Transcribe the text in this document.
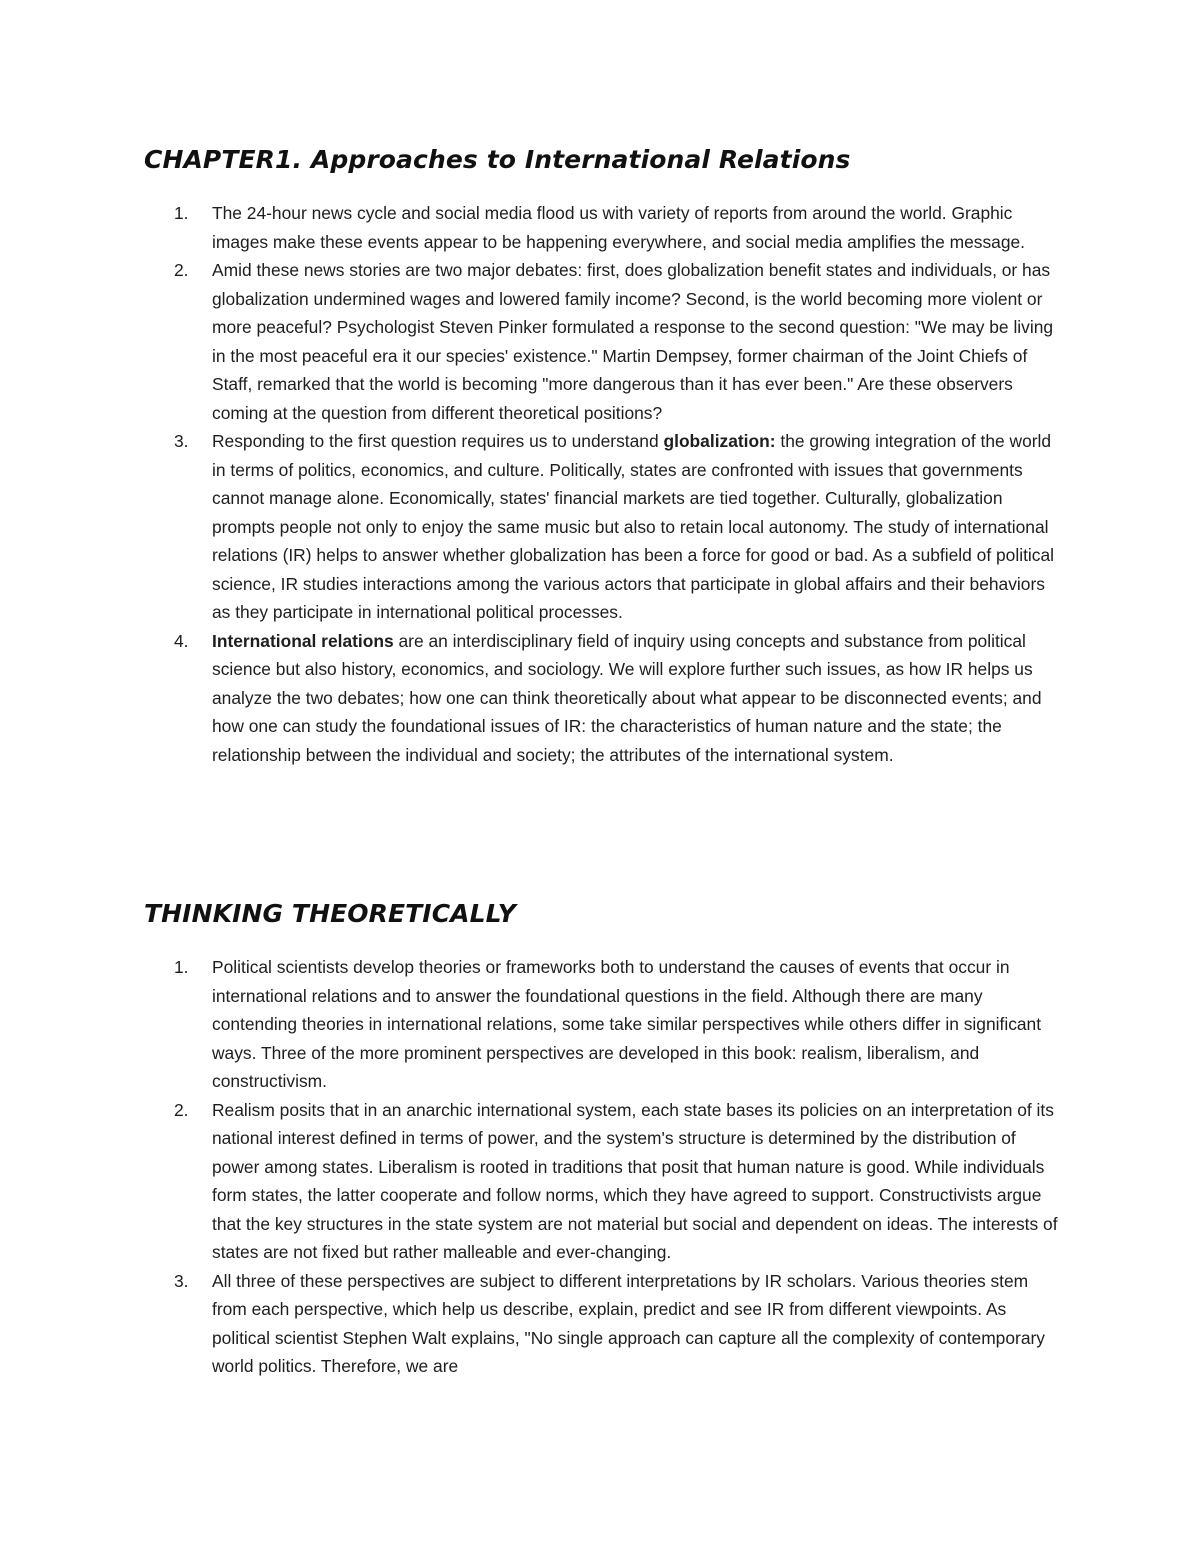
CHAPTER1. Approaches to International Relations
1. The 24-hour news cycle and social media flood us with variety of reports from around the world. Graphic images make these events appear to be happening everywhere, and social media amplifies the message.
2. Amid these news stories are two major debates: first, does globalization benefit states and individuals, or has globalization undermined wages and lowered family income? Second, is the world becoming more violent or more peaceful? Psychologist Steven Pinker formulated a response to the second question: "We may be living in the most peaceful era it our species' existence." Martin Dempsey, former chairman of the Joint Chiefs of Staff, remarked that the world is becoming "more dangerous than it has ever been." Are these observers coming at the question from different theoretical positions?
3. Responding to the first question requires us to understand globalization: the growing integration of the world in terms of politics, economics, and culture. Politically, states are confronted with issues that governments cannot manage alone. Economically, states' financial markets are tied together. Culturally, globalization prompts people not only to enjoy the same music but also to retain local autonomy. The study of international relations (IR) helps to answer whether globalization has been a force for good or bad. As a subfield of political science, IR studies interactions among the various actors that participate in global affairs and their behaviors as they participate in international political processes.
4. International relations are an interdisciplinary field of inquiry using concepts and substance from political science but also history, economics, and sociology. We will explore further such issues, as how IR helps us analyze the two debates; how one can think theoretically about what appear to be disconnected events; and how one can study the foundational issues of IR: the characteristics of human nature and the state; the relationship between the individual and society; the attributes of the international system.
THINKING THEORETICALLY
1. Political scientists develop theories or frameworks both to understand the causes of events that occur in international relations and to answer the foundational questions in the field. Although there are many contending theories in international relations, some take similar perspectives while others differ in significant ways. Three of the more prominent perspectives are developed in this book: realism, liberalism, and constructivism.
2. Realism posits that in an anarchic international system, each state bases its policies on an interpretation of its national interest defined in terms of power, and the system's structure is determined by the distribution of power among states. Liberalism is rooted in traditions that posit that human nature is good. While individuals form states, the latter cooperate and follow norms, which they have agreed to support. Constructivists argue that the key structures in the state system are not material but social and dependent on ideas. The interests of states are not fixed but rather malleable and ever-changing.
3. All three of these perspectives are subject to different interpretations by IR scholars. Various theories stem from each perspective, which help us describe, explain, predict and see IR from different viewpoints. As political scientist Stephen Walt explains, "No single approach can capture all the complexity of contemporary world politics. Therefore, we are
